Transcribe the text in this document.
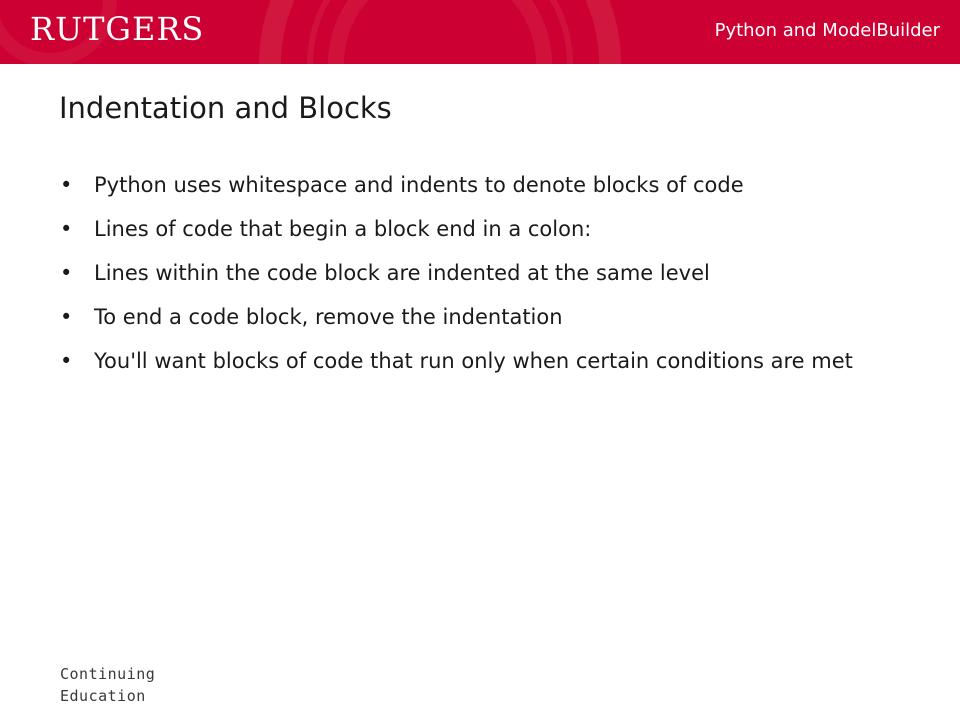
RUTGERS	Python and ModelBuilder
Indentation and Blocks
• Python uses whitespace and indents to denote blocks of code
• Lines of code that begin a block end in a colon:
• Lines within the code block are indented at the same level
• To end a code block, remove the indentation
• You'll want blocks of code that run only when certain conditions are met
Continuing
Education
